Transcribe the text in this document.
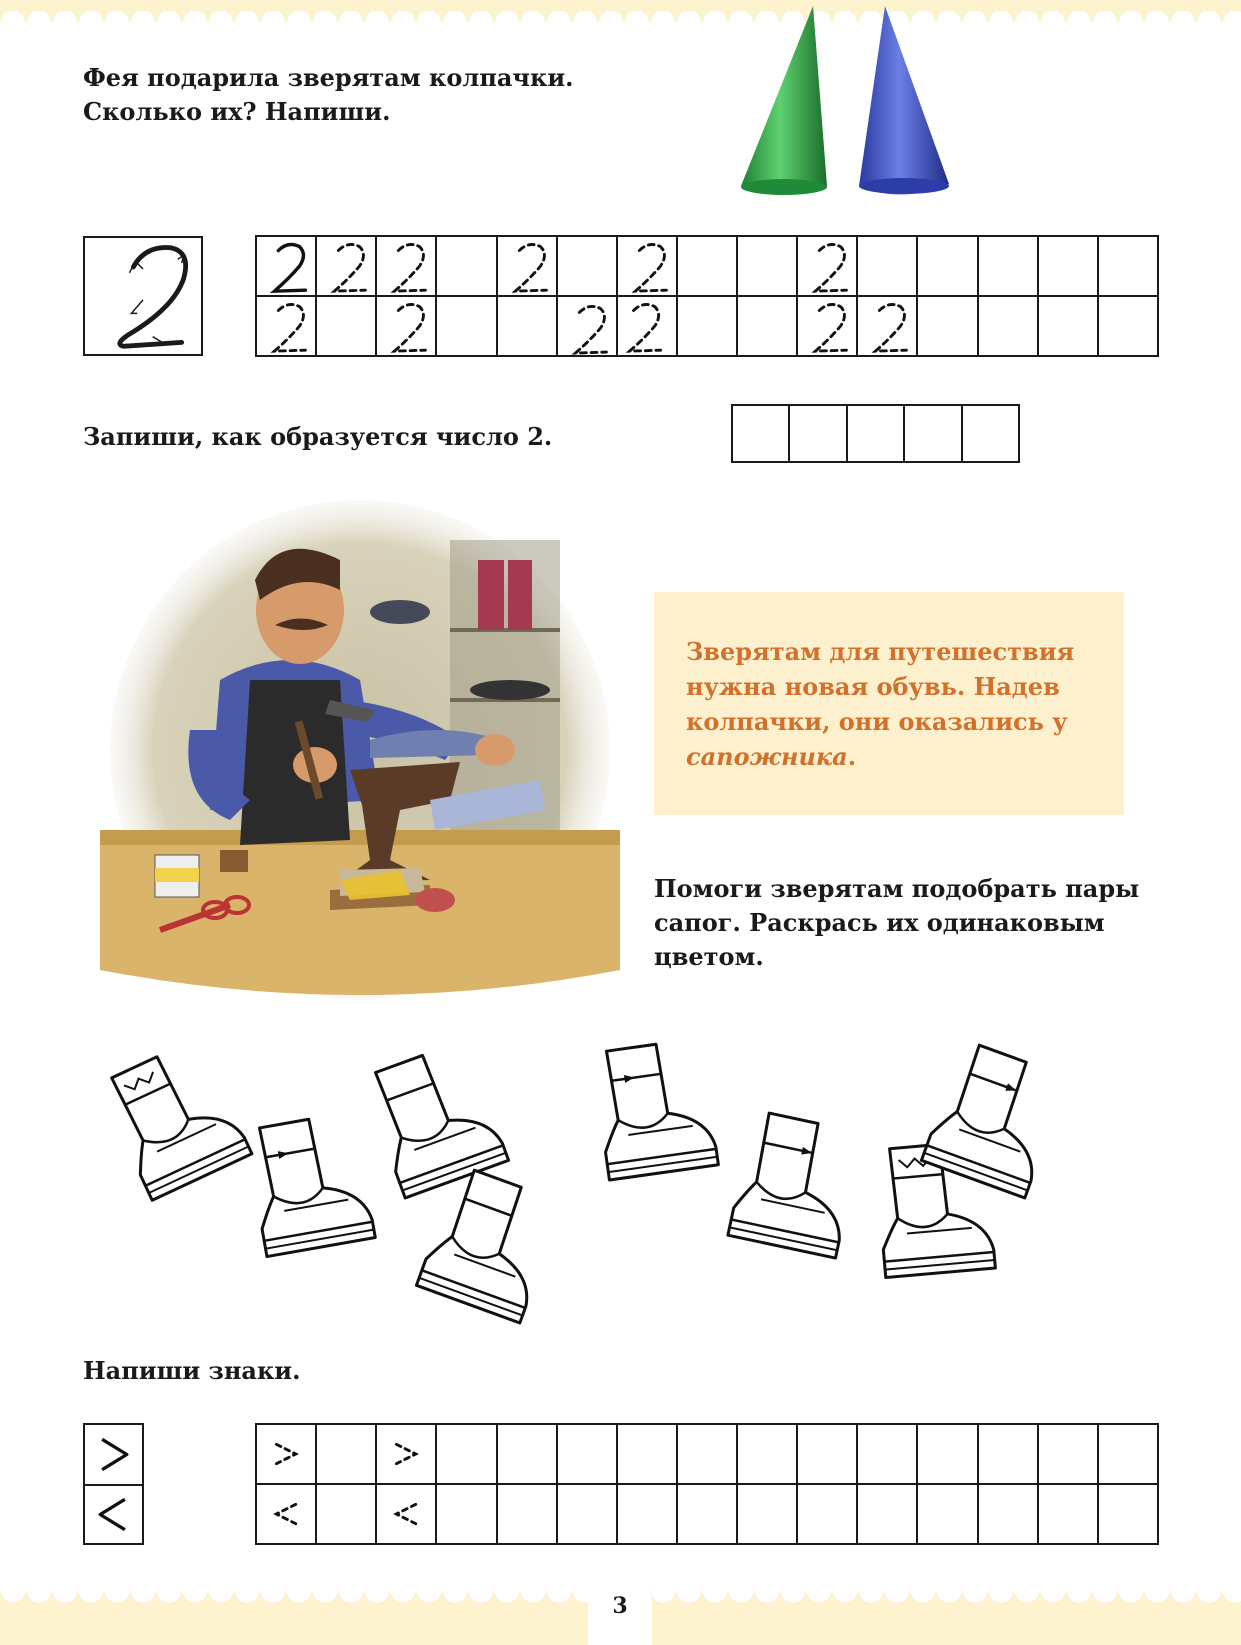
3
Фея подарила зверятам колпачки.
Сколько их? Напиши.
Запиши, как образуется число 2.
Зверятам для путешествия
нужна новая обувь. Надев
колпачки, они оказались у
сапожника.
Помоги зверятам подобрать пары
сапог. Раскрась их одинаковым
цветом.
Напиши знаки.
